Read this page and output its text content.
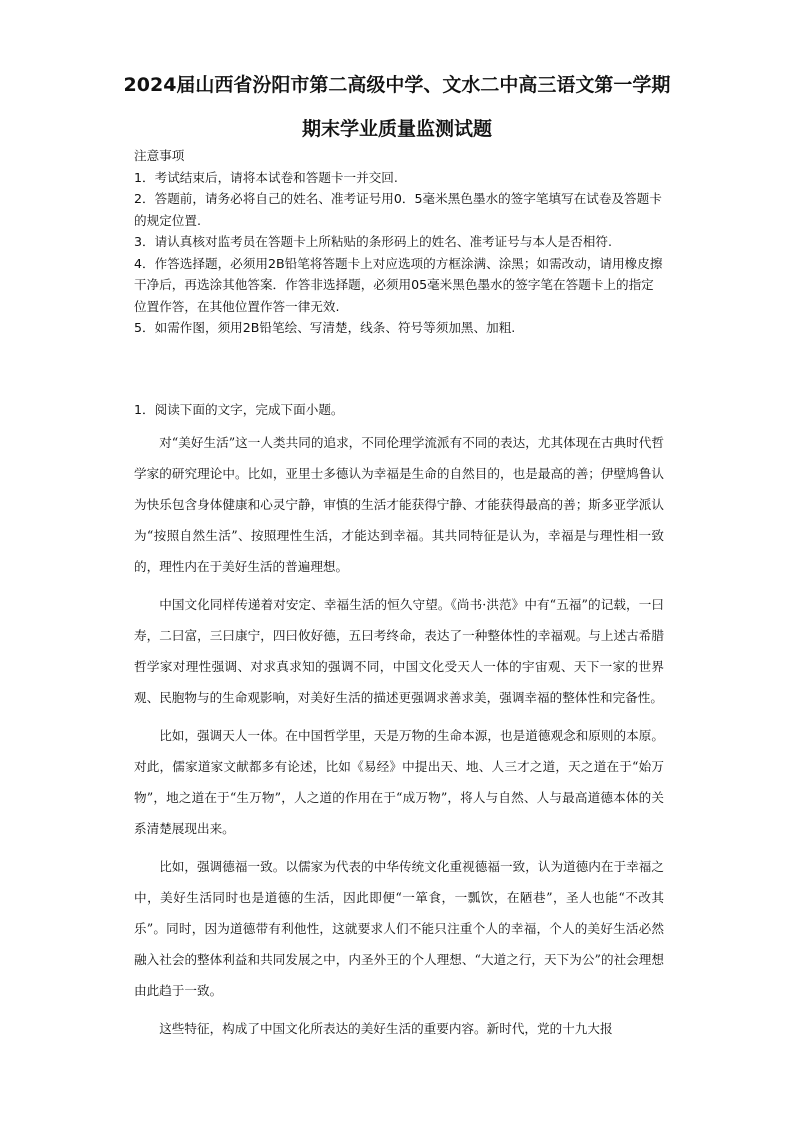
2024届山西省汾阳市第二高级中学、文水二中高三语文第一学期
期末学业质量监测试题

注意事项

1．考试结束后，请将本试卷和答题卡一并交回.

2．答题前，请务必将自己的姓名、准考证号用0．5毫米黑色墨水的签字笔填写在试卷及答题卡的规定位置.

3．请认真核对监考员在答题卡上所粘贴的条形码上的姓名、准考证号与本人是否相符.

4．作答选择题，必须用2B铅笔将答题卡上对应选项的方框涂满、涂黑；如需改动，请用橡皮擦干净后，再选涂其他答案．作答非选择题，必须用05毫米黑色墨水的签字笔在答题卡上的指定位置作答，在其他位置作答一律无效.

5．如需作图，须用2B铅笔绘、写清楚，线条、符号等须加黑、加粗.

1．阅读下面的文字，完成下面小题。

对“美好生活”这一人类共同的追求，不同伦理学流派有不同的表达，尤其体现在古典时代哲学家的研究理论中。比如，亚里士多德认为幸福是生命的自然目的，也是最高的善；伊壁鸠鲁认为快乐包含身体健康和心灵宁静，审慎的生活才能获得宁静、才能获得最高的善；斯多亚学派认为“按照自然生活”、按照理性生活，才能达到幸福。其共同特征是认为，幸福是与理性相一致的，理性内在于美好生活的普遍理想。

中国文化同样传递着对安定、幸福生活的恒久守望。《尚书·洪范》中有“五福”的记载，一曰寿，二曰富，三曰康宁，四曰攸好德，五曰考终命，表达了一种整体性的幸福观。与上述古希腊哲学家对理性强调、对求真求知的强调不同，中国文化受天人一体的宇宙观、天下一家的世界观、民胞物与的生命观影响，对美好生活的描述更强调求善求美，强调幸福的整体性和完备性。

比如，强调天人一体。在中国哲学里，天是万物的生命本源，也是道德观念和原则的本原。对此，儒家道家文献都多有论述，比如《易经》中提出天、地、人三才之道，天之道在于“始万物”，地之道在于“生万物”，人之道的作用在于“成万物”，将人与自然、人与最高道德本体的关系清楚展现出来。

比如，强调德福一致。以儒家为代表的中华传统文化重视德福一致，认为道德内在于幸福之中，美好生活同时也是道德的生活，因此即便“一箪食，一瓢饮，在陋巷”，圣人也能“不改其乐”。同时，因为道德带有利他性，这就要求人们不能只注重个人的幸福，个人的美好生活必然融入社会的整体利益和共同发展之中，内圣外王的个人理想、“大道之行，天下为公”的社会理想由此趋于一致。

这些特征，构成了中国文化所表达的美好生活的重要内容。新时代，党的十九大报
